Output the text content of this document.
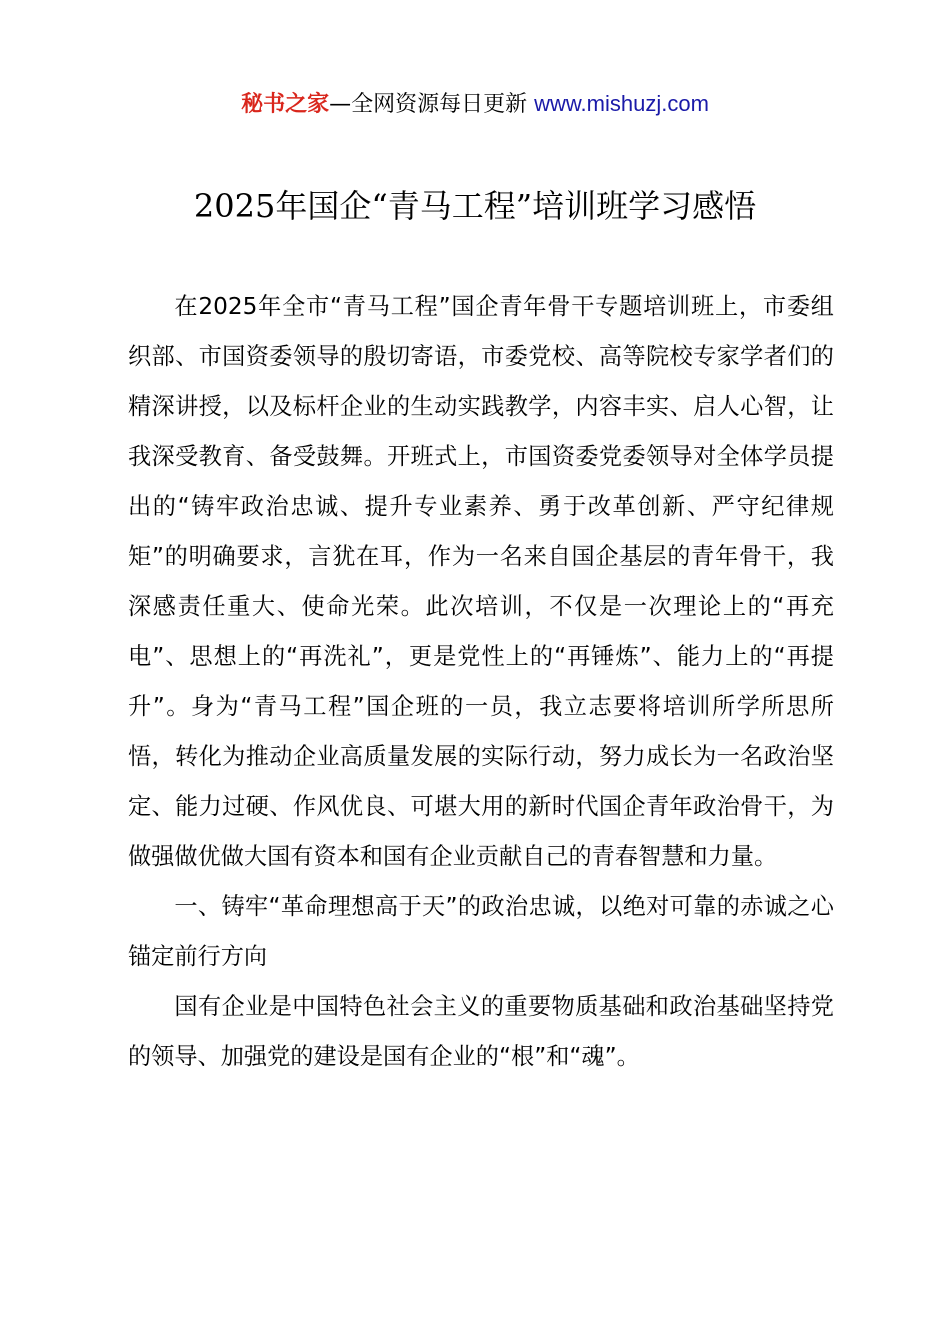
秘书之家—全网资源每日更新 www.mishuzj.com
2025年国企“青马工程”培训班学习感悟

在2025年全市“青马工程”国企青年骨干专题培训班上，市委组织部、市国资委领导的殷切寄语，市委党校、高等院校专家学者们的精深讲授，以及标杆企业的生动实践教学，内容丰实、启人心智，让我深受教育、备受鼓舞。开班式上，市国资委党委领导对全体学员提出的“铸牢政治忠诚、提升专业素养、勇于改革创新、严守纪律规矩”的明确要求，言犹在耳，作为一名来自国企基层的青年骨干，我深感责任重大、使命光荣。此次培训，不仅是一次理论上的“再充电”、思想上的“再洗礼”，更是党性上的“再锤炼”、能力上的“再提升”。身为“青马工程”国企班的一员，我立志要将培训所学所思所悟，转化为推动企业高质量发展的实际行动，努力成长为一名政治坚定、能力过硬、作风优良、可堪大用的新时代国企青年政治骨干，为做强做优做大国有资本和国有企业贡献自己的青春智慧和力量。

一、铸牢“革命理想高于天”的政治忠诚，以绝对可靠的赤诚之心锚定前行方向

国有企业是中国特色社会主义的重要物质基础和政治基础坚持党的领导、加强党的建设是国有企业的“根”和“魂”。
